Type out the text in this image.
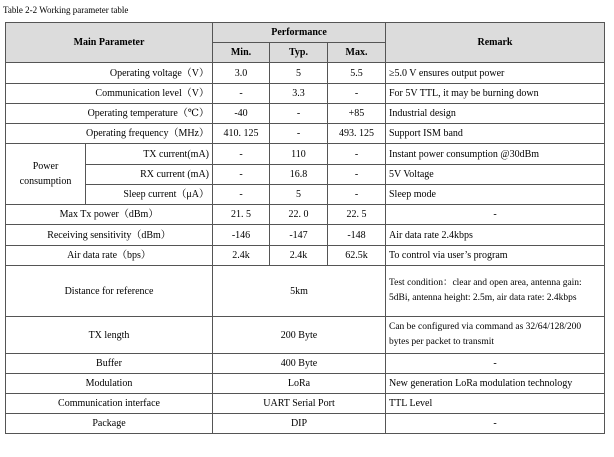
Table 2-2 Working parameter table
Main Parameter		Performance			Remark
		Min.	Typ.	Max.	
Operating voltage（V）		3.0	5	5.5	≥5.0 V ensures output power
Communication level（V）		-	3.3	-	For 5V TTL, it may be burning down
Operating temperature（℃）		-40	-	+85	Industrial design
Operating frequency（MHz）		410. 125	-	493. 125	Support ISM band
Power consumption	TX current(mA)	-	110	-	Instant power consumption @30dBm
	RX current (mA)	-	16.8	-	5V Voltage
	Sleep current（μA）	-	5	-	Sleep mode
Max Tx power（dBm）		21. 5	22. 0	22. 5	-
Receiving sensitivity（dBm）		-146	-147	-148	Air data rate 2.4kbps
Air data rate（bps）		2.4k	2.4k	62.5k	To control via user’s program
Distance for reference		5km			Test condition：clear and open area, antenna gain: 5dBi, antenna height: 2.5m, air data rate: 2.4kbps
TX length		200 Byte			Can be configured via command as 32/64/128/200 bytes per packet to transmit
Buffer		400 Byte			-
Modulation		LoRa			New generation LoRa modulation technology
Communication interface		UART Serial Port			TTL Level
Package		DIP			-
